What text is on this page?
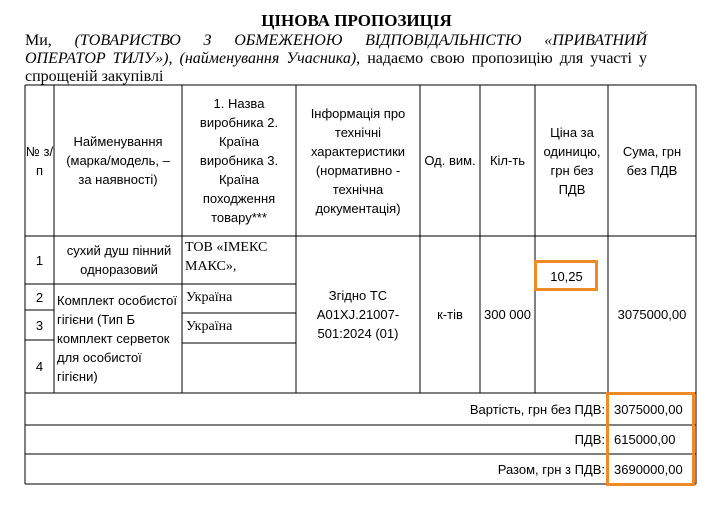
ЦІНОВА ПРОПОЗИЦІЯ
Ми, (ТОВАРИСТВО З ОБМЕЖЕНОЮ ВІДПОВІДАЛЬНІСТЮ «ПРИВАТНИЙ
ОПЕРАТОР ТИЛУ»), (найменування Учасника), надаємо свою пропозицію для участі у
спрощеній закупівлі
№ з/п
Найменування (марка/модель, – за наявності)
1. Назва виробника 2. Країна виробника 3. Країна походження товару***
Інформація про технічні характеристики (нормативно - технічна документація)
Од. вим.	Кіл-ть
Ціна за одиницю, грн без ПДВ
Сума, грн без ПДВ
1
2
3
4
сухий душ пінний одноразовий
Комплект особистої гігієни (Тип Б комплект серветок для особистої гігієни)
ТОВ «ІМЕКС МАКС»,
Україна
Україна
Згідно ТС A01XJ.21007-501:2024 (01)
к-тів	300 000
10,25
3075000,00
Вартість, грн без ПДВ: 3075000,00
ПДВ: 615000,00
Разом, грн з ПДВ: 3690000,00
